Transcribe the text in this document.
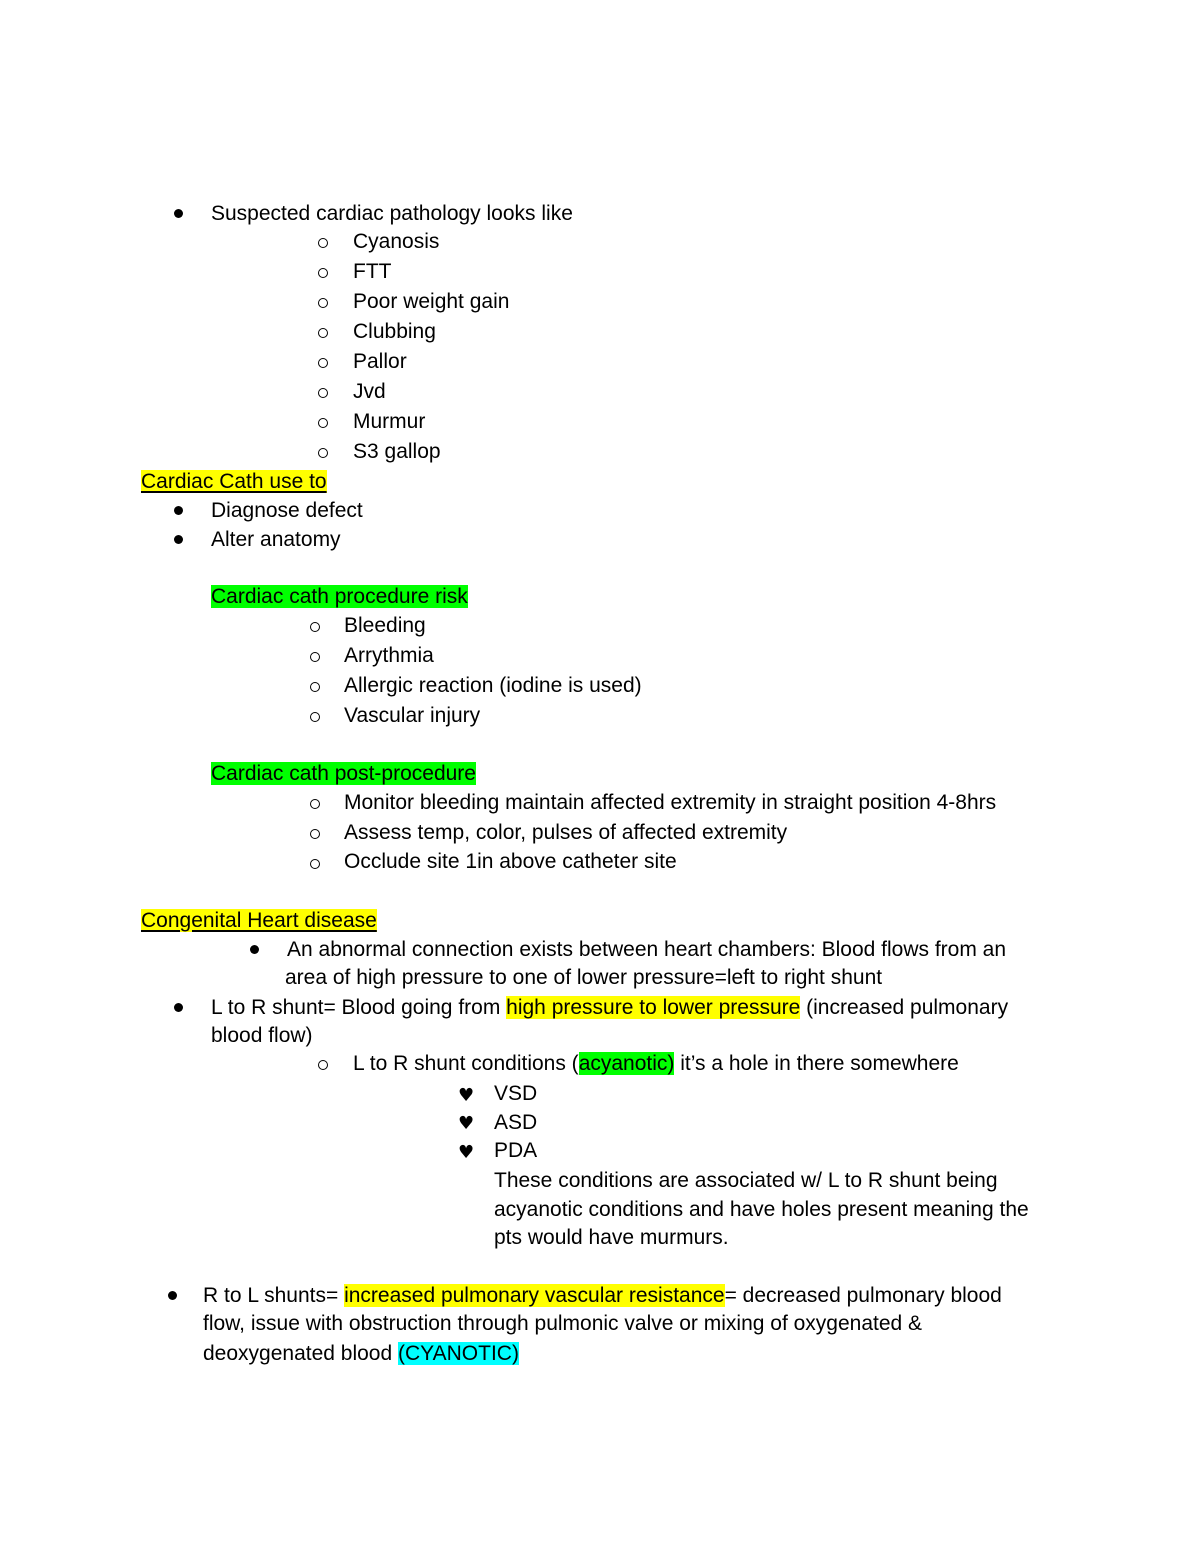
Suspected cardiac pathology looks like
Cyanosis
FTT
Poor weight gain
Clubbing
Pallor
Jvd
Murmur
S3 gallop
Cardiac Cath use to
Diagnose defect
Alter anatomy
Cardiac cath procedure risk
Bleeding
Arrythmia
Allergic reaction (iodine is used)
Vascular injury
Cardiac cath post-procedure
Monitor bleeding maintain affected extremity in straight position 4-8hrs
Assess temp, color, pulses of affected extremity
Occlude site 1in above catheter site
Congenital Heart disease
An abnormal connection exists between heart chambers: Blood flows from an
area of high pressure to one of lower pressure=left to right shunt
L to R shunt= Blood going from high pressure to lower pressure (increased pulmonary
blood flow)
L to R shunt conditions (acyanotic) it’s a hole in there somewhere
♥ VSD
♥ ASD
♥ PDA
These conditions are associated w/ L to R shunt being
acyanotic conditions and have holes present meaning the
pts would have murmurs.
R to L shunts= increased pulmonary vascular resistance= decreased pulmonary blood
flow, issue with obstruction through pulmonic valve or mixing of oxygenated &
deoxygenated blood (CYANOTIC)
